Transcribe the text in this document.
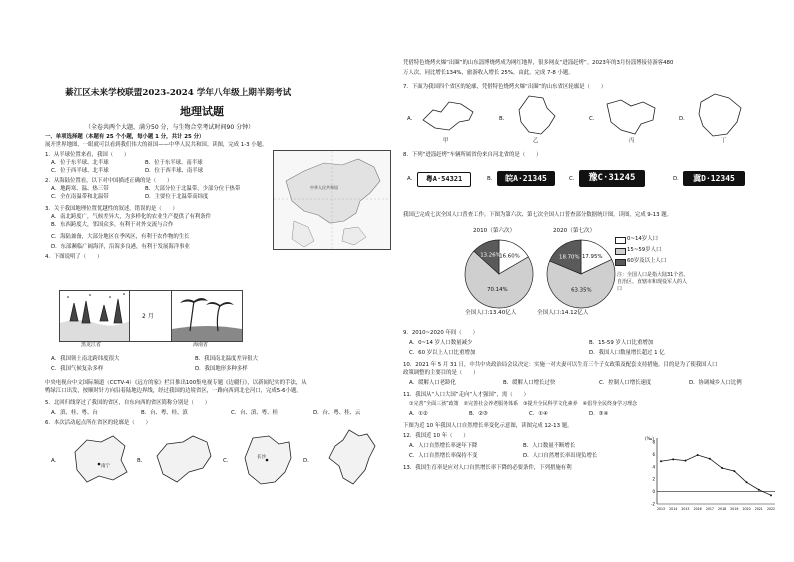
綦江区未来学校联盟2023-2024 学年八年级上期半期考试
地理试题
（全卷共两个大题，满分50 分，与生物合堂考试时间90 分钟）
一、单项选择题（本题有 25 个小题，每小题 1 分，共计 25 分）
展开世界地图，一眼就可以看到我们伟大的祖国——中华人民共和国。读图，完成 1-3 小题。
1．从半球位置来看，我国（　　）
A．位于东半球、北半球	B．位于东半球、南半球
C．位于西半球、北半球	D．位于西半球、南半球
2．从海陆位置看，以下对中国描述正确的是（　　）
A．地跨寒、温、热三带	B．大部分位于北温带，少部分位于热带
C．全在南温带和北温带	D．主要位于北温带高纬度
3．关于我国地理位置优越性的叙述，错误的是（　　）
A．南北跨度广，气候差异大，为多样化的农业生产提供了有利条件
B．东西跨度大，邻国众多，有利于对外交流与合作
C．海陆兼备，大部分地区在季风区，有利于农作物的生长
D．东部濒临广阔海洋，沿海多良港，有利于发展海洋事业
4．下图说明了（　　）
中华人民共和国
2 月
黑龙江省	海南省
A．我国领土南北跨纬度很大	B．我国南北温度差异很大
C．我国气候复杂多样	D．我国地形多种多样
中央电视台中文国际频道（CCTV-4）《远方的家》栏目推出100集电视专题《边疆行》，以新闻纪实的手法，从
鸭绿江口出发，按顺时针方向沿着陆地边界线，经过我国的边境省区，一路向西到北仑河口，完成5-6小题。
5．北回归线穿过了我国的省区，自东向西的省区简称分别是（　　）
A．滇、桂、粤、台	B．台、粤、桂、滇	C．台、滇、粤、桂	D．台、粤、桂、云
6．本次活动起点所在省区的轮廓是（　　）
A．
南宁
B．	C．
长沙
D．
凭借特色烧烤火爆“出圈”的山东淄博烧烤成为网红地界，很多网友“进淄赶烤”。2023年的3月份淄博接待游客480
万人次，同比增长134%，旅游收入增长 25%，由此，完成 7-8 小题。
7．下面为我国四个省区的轮廓，凭借特色烧烤火爆“出圈”的山东省区轮廓是（　　）
A．
甲
B．
乙
C．
丙
D．
丁
8．下列“进淄赶烤”车辆所属省份来自河北省的是（　　）
A．	粤A·54321	B．	皖A·21345	C．	豫C·31245	D．	冀D·12345
我国已完成七次全国人口普查工作。下图为第六次、第七次全国人口普查部分数据统计图。读图，完成 9-13 题。
2010（第六次）	2020（第七次）
16.60%
70.14%
13.26%	17.95%
63.35%
18.70%
全国人口:13.40亿人	全国人口:14.12亿人
0~14岁人口
15~59岁人口
60岁及以上人口
注：全国人口是指大陆31个省、自治区、直辖市和现役军人的人口
9．2010~2020 年间（　　）
A．0~14 岁人口数量减少	B．15-59 岁人口比重增加
C．60 岁以上人口比重增加	D．我国人口数量增长超过 1 亿
10．2021 年 5 月 31 日，中共中央政治局会议决定：实施一对夫妻可以生育三个子女政策及配套支持措施。目的是为了使我国人口
政策调整的主要目的是（　　）
A．缓解人口老龄化	B．缓解人口增长过快	C．控制人口增长速度	D．协调城乡人口比例
11．我国从“人口大国”走向“人才强国”，需（　　）
①完善“全面三孩”政策　②完善社会养老服务体系　③提升全民科学文化素养　④倡导全民终身学习理念
A．①②	B．②③	C．①④	D．③④
下图为近 10 年我国人口自然增长率变化示意图，读图完成 12-13 题。
12．我国近 10 年（　　）
A．人口自然增长率逐年下降	B．人口数量不断增长
C．人口自然增长率保持不变	D．人口自然增长率出现负增长
13．我国生育率是应对人口自然增长率下降的必要条件，下列措施有利
(‰)
8
6
4
2
0
-2
2013 2014 2015 2016 2017 2018 2019 2020 2021 2022
